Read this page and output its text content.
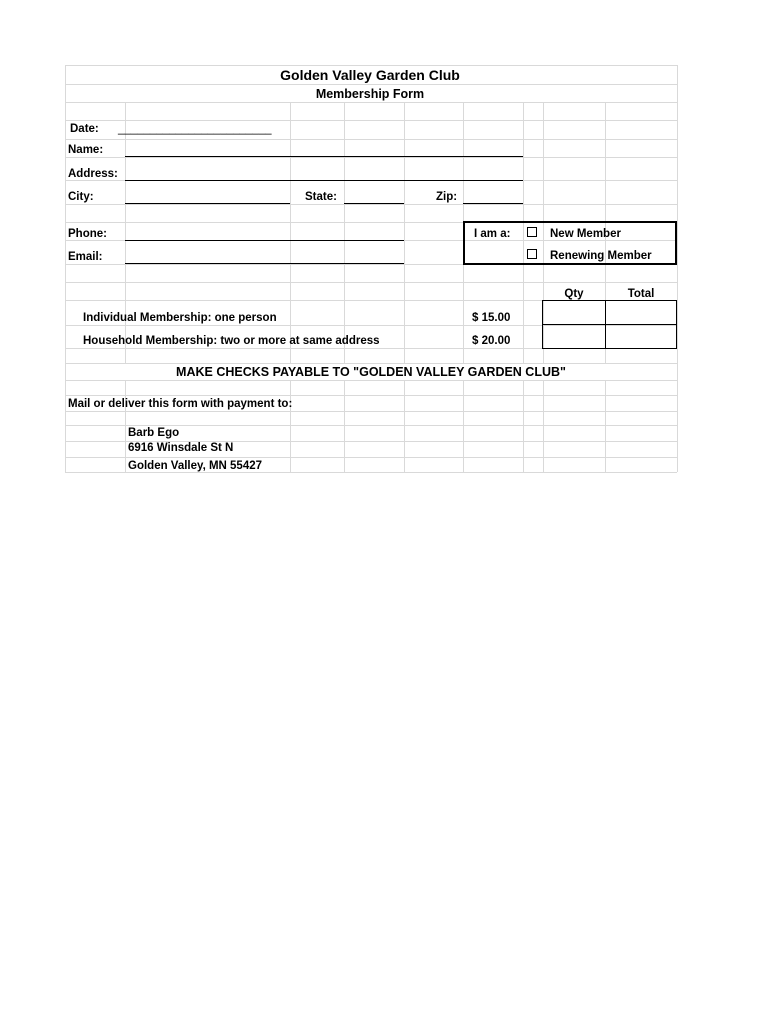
Golden Valley Garden Club
Membership Form
Date: ________________________
Name:
Address:
City:	State:	Zip:
Phone:
Email:
I am a:	New Member
Renewing Member
Qty	Total
Individual Membership: one person	$ 15.00
Household Membership: two or more at same address	$ 20.00
MAKE CHECKS PAYABLE TO "GOLDEN VALLEY GARDEN CLUB"
Mail or deliver this form with payment to:
Barb Ego
6916 Winsdale St N
Golden Valley, MN 55427
